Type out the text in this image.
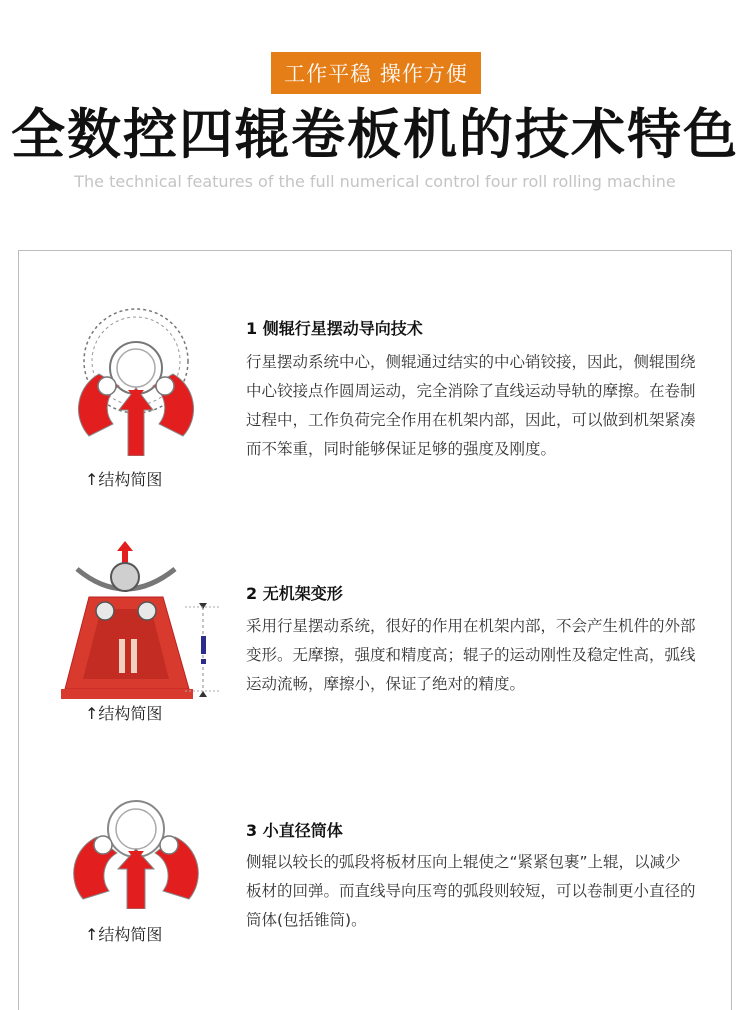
工作平稳 操作方便
全数控四辊卷板机的技术特色
The technical features of the full numerical control four roll rolling machine
↑结构简图
1 侧辊行星摆动导向技术
行星摆动系统中心，侧辊通过结实的中心销铰接，因此，侧辊围绕中心铰接点作圆周运动，完全消除了直线运动导轨的摩擦。在卷制过程中，工作负荷完全作用在机架内部，因此，可以做到机架紧凑而不笨重，同时能够保证足够的强度及刚度。
↑结构简图
2 无机架变形
采用行星摆动系统，很好的作用在机架内部，不会产生机件的外部变形。无摩擦，强度和精度高；辊子的运动刚性及稳定性高，弧线运动流畅，摩擦小，保证了绝对的精度。
↑结构简图
3 小直径筒体
侧辊以较长的弧段将板材压向上辊使之“紧紧包裹”上辊，以减少板材的回弹。而直线导向压弯的弧段则较短，可以卷制更小直径的筒体(包括锥筒)。
